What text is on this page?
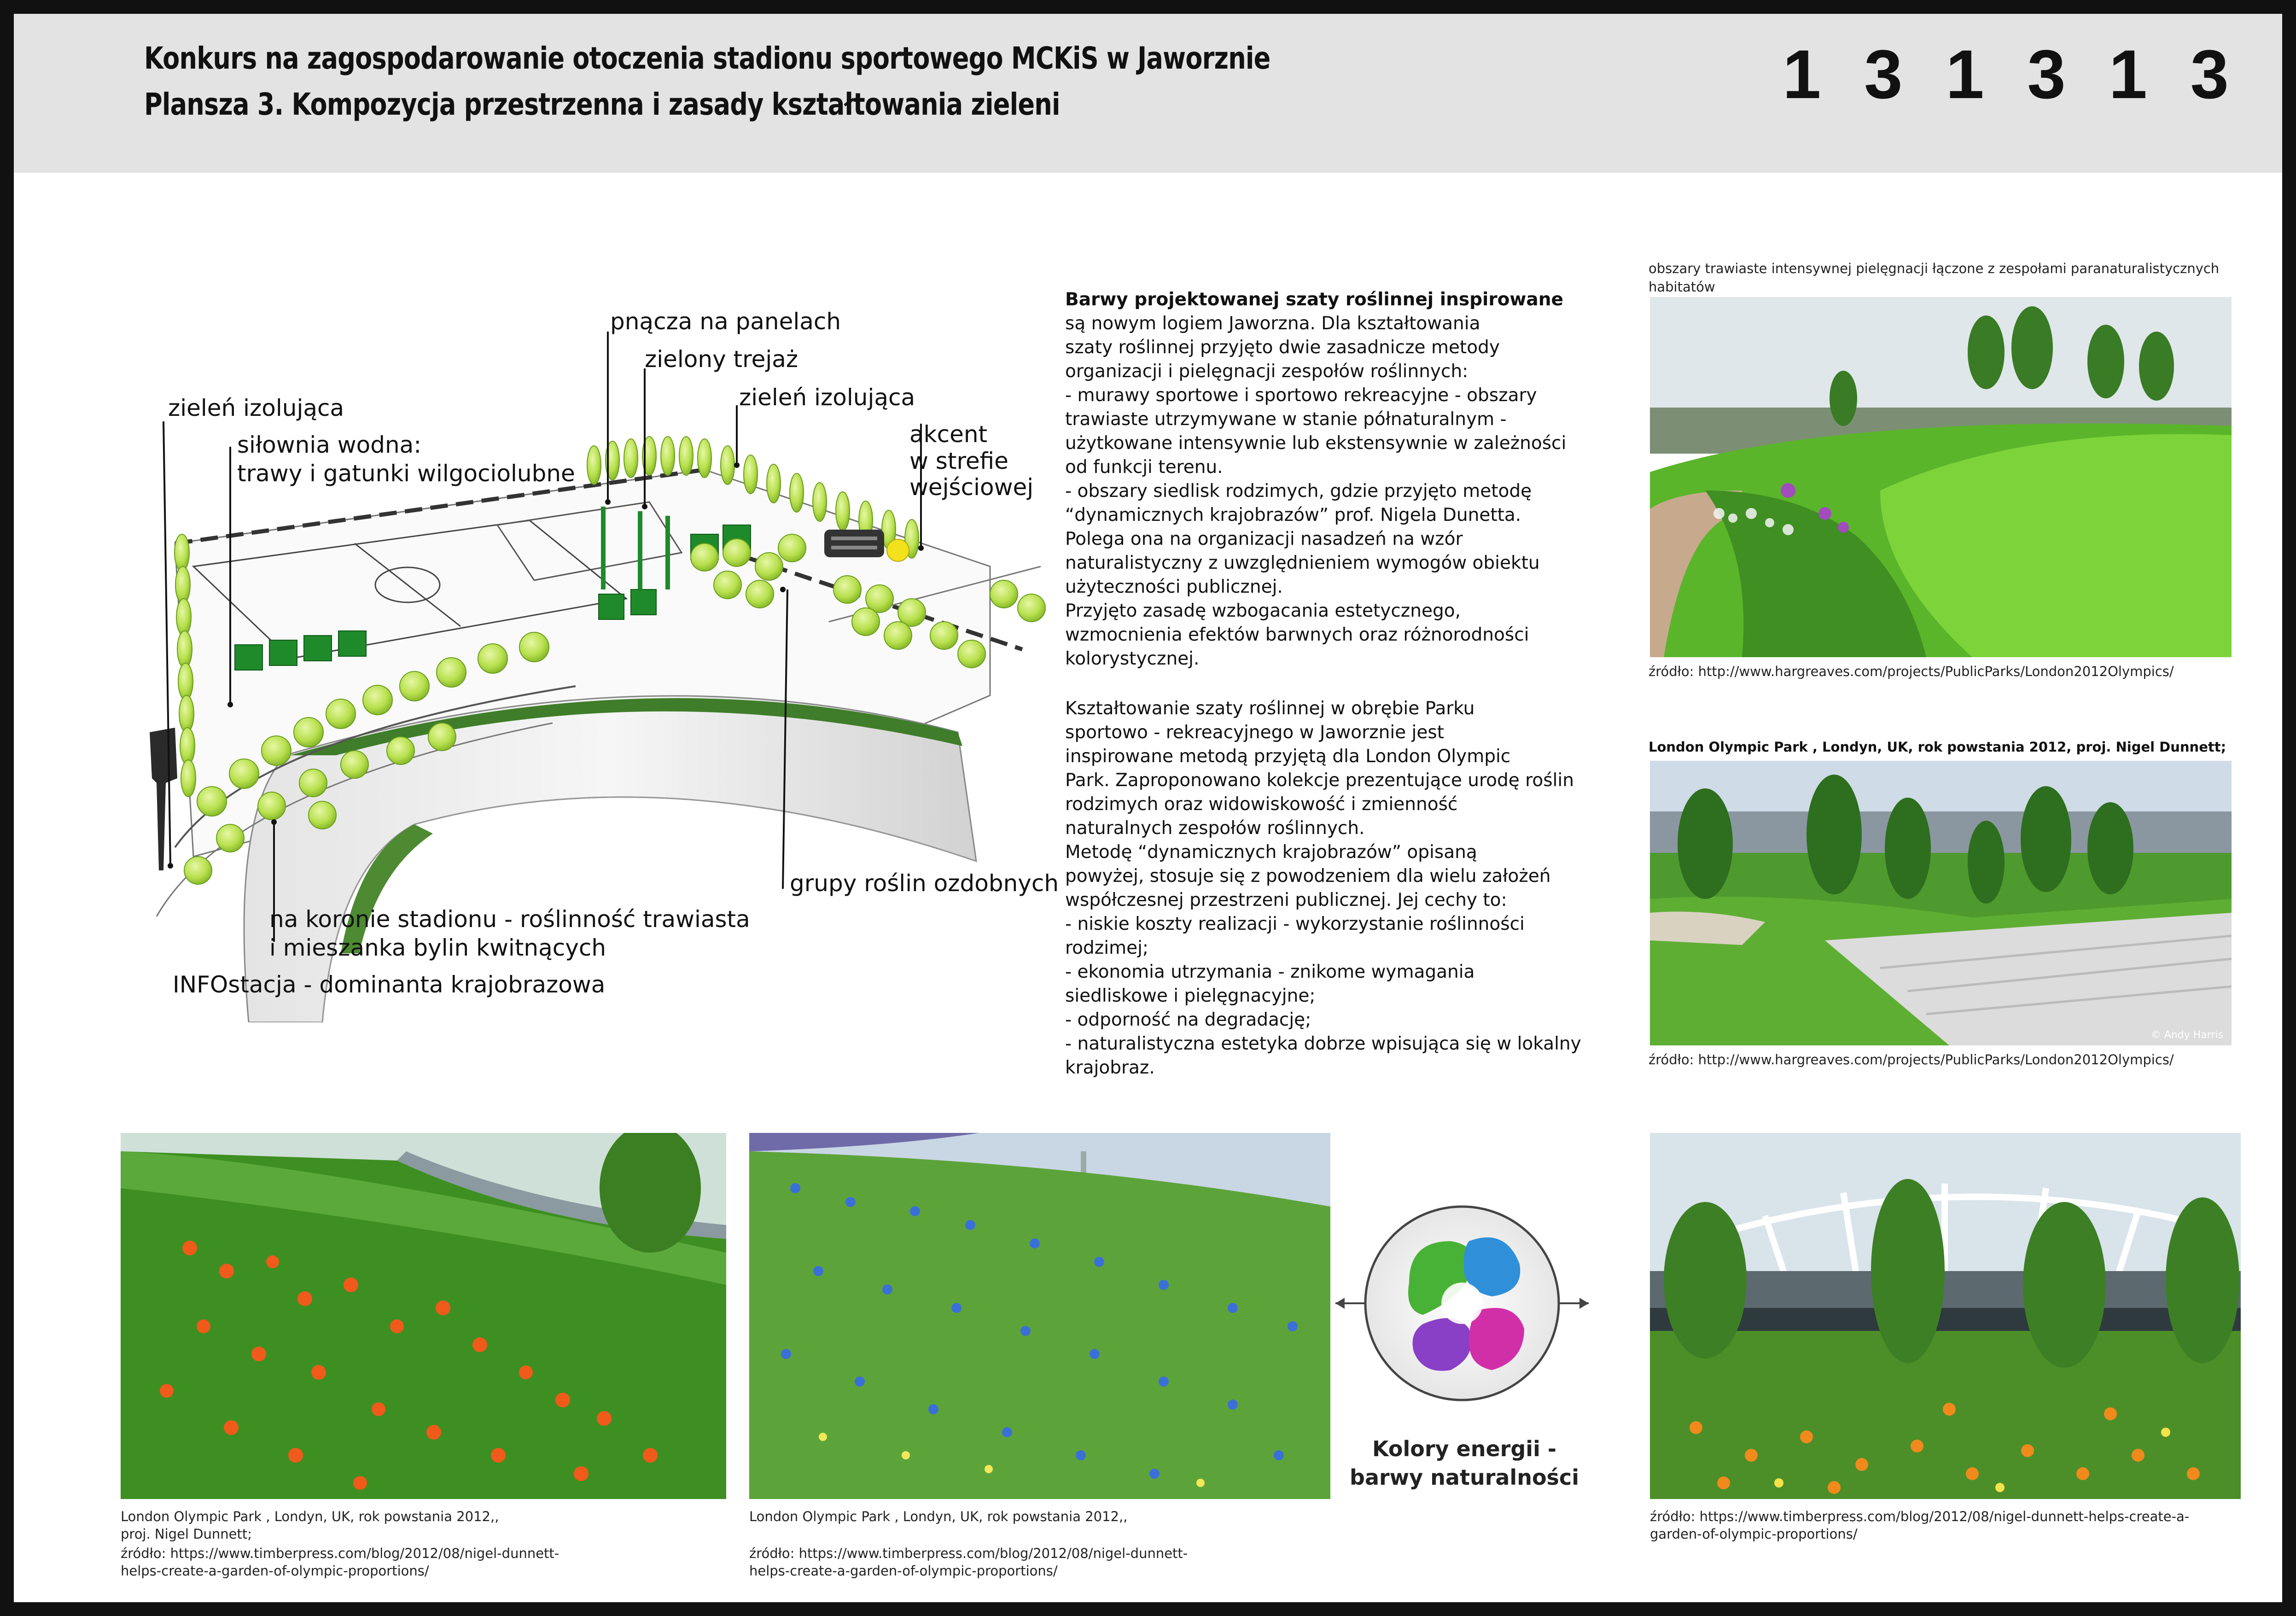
Konkurs na zagospodarowanie otoczenia stadionu sportowego MCKiS w Jaworznie
Plansza 3. Kompozycja przestrzenna i zasady kształtowania zieleni	1 3 1 3 1 3
pnącza na panelach
zielony trejaż
zieleń izolująca
zieleń izolująca
siłownia wodna:
trawy i gatunki wilgociolubne
akcent
w strefie
wejściowej
grupy roślin ozdobnych
na koronie stadionu - roślinność trawiasta
i mieszanka bylin kwitnących
INFOstacja - dominanta krajobrazowa

Barwy projektowanej szaty roślinnej inspirowane

są nowym logiem Jaworzna. Dla kształtowania

szaty roślinnej przyjęto dwie zasadnicze metody

organizacji i pielęgnacji zespołów roślinnych:

- murawy sportowe i sportowo rekreacyjne - obszary

trawiaste utrzymywane w stanie półnaturalnym -

użytkowane intensywnie lub ekstensywnie w zależności

od funkcji terenu.

- obszary siedlisk rodzimych, gdzie przyjęto metodę

“dynamicznych krajobrazów” prof. Nigela Dunetta.

Polega ona na organizacji nasadzeń na wzór

naturalistyczny z uwzględnieniem wymogów obiektu

użyteczności publicznej.

Przyjęto zasadę wzbogacania estetycznego,

wzmocnienia efektów barwnych oraz różnorodności

kolorystycznej.

Kształtowanie szaty roślinnej w obrębie Parku

sportowo - rekreacyjnego w Jaworznie jest

inspirowane metodą przyjętą dla London Olympic

Park. Zaproponowano kolekcje prezentujące urodę roślin

rodzimych oraz widowiskowość i zmienność

naturalnych zespołów roślinnych.

Metodę “dynamicznych krajobrazów” opisaną

powyżej, stosuje się z powodzeniem dla wielu założeń

współczesnej przestrzeni publicznej. Jej cechy to:

- niskie koszty realizacji - wykorzystanie roślinności

rodzimej;

- ekonomia utrzymania - znikome wymagania

siedliskowe i pielęgnacyjne;

- odporność na degradację;

- naturalistyczna estetyka dobrze wpisująca się w lokalny

krajobraz.

obszary trawiaste intensywnej pielęgnacji łączone z zespołami paranaturalistycznych
habitatów
źródło: http://www.hargreaves.com/projects/PublicParks/London2012Olympics/
London Olympic Park , Londyn, UK, rok powstania 2012, proj. Nigel Dunnett;
© Andy Harris
źródło: http://www.hargreaves.com/projects/PublicParks/London2012Olympics/
London Olympic Park , Londyn, UK, rok powstania 2012,,
proj. Nigel Dunnett;
źródło: https://www.timberpress.com/blog/2012/08/nigel-dunnett-
helps-create-a-garden-of-olympic-proportions/
London Olympic Park , Londyn, UK, rok powstania 2012,,
źródło: https://www.timberpress.com/blog/2012/08/nigel-dunnett-
helps-create-a-garden-of-olympic-proportions/
Kolory energii -
barwy naturalności
źródło: https://www.timberpress.com/blog/2012/08/nigel-dunnett-helps-create-a-
garden-of-olympic-proportions/
